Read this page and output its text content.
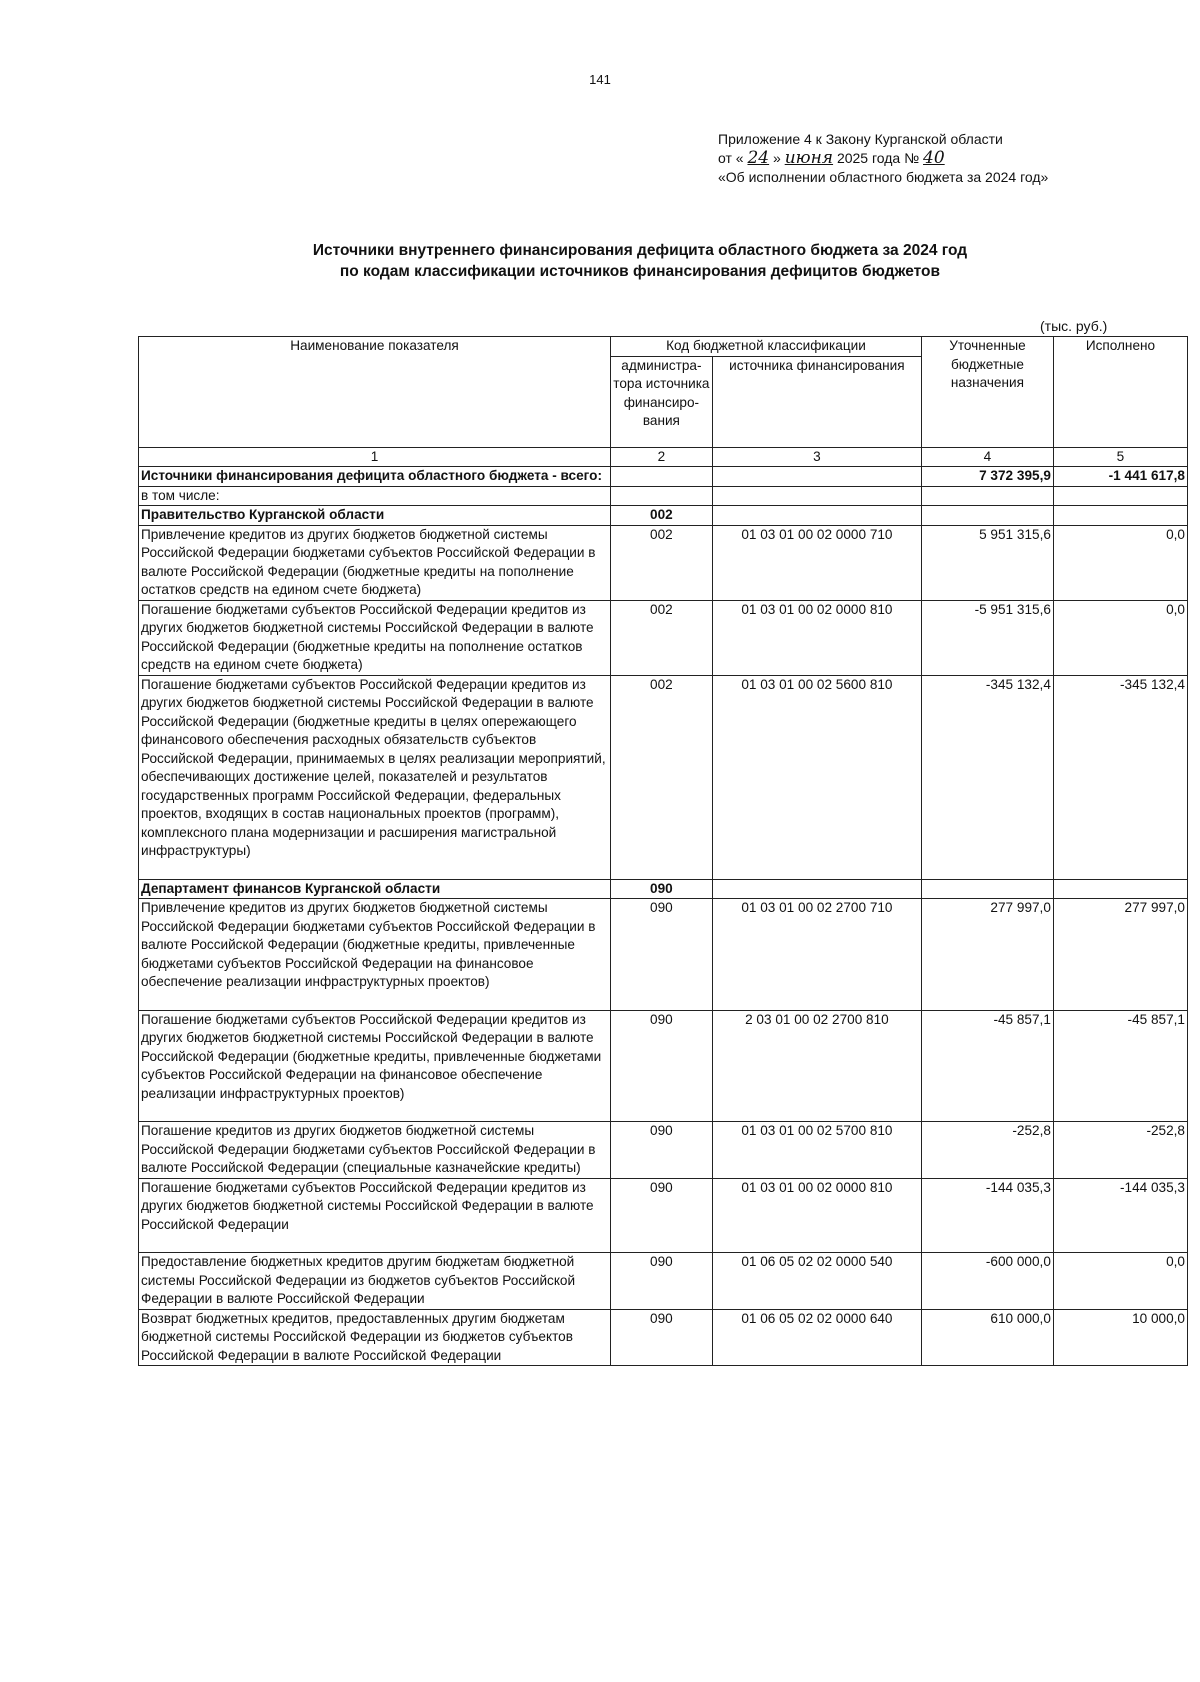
141
Приложение 4 к Закону Курганской области
от « 24 » июня 2025 года № 40
«Об исполнении областного бюджета за 2024 год»
Источники внутреннего финансирования дефицита областного бюджета за 2024 год
по кодам классификации источников финансирования дефицитов бюджетов
(тыс. руб.)
Наименование показателя	Код бюджетной классификации		Уточненные бюджетные назначения	Исполнено
	администра-тора источника финансиро-вания	источника финансирования		
1	2	3	4	5
Источники финансирования дефицита областного бюджета - всего:			7 372 395,9	-1 441 617,8
в том числе:				
Правительство Курганской области	002			
Привлечение кредитов из других бюджетов бюджетной системы Российской Федерации бюджетами субъектов Российской Федерации в валюте Российской Федерации (бюджетные кредиты на пополнение остатков средств на едином счете бюджета)	002	01 03 01 00 02 0000 710	5 951 315,6	0,0
Погашение бюджетами субъектов Российской Федерации кредитов из других бюджетов бюджетной системы Российской Федерации в валюте Российской Федерации (бюджетные кредиты на пополнение остатков средств на едином счете бюджета)	002	01 03 01 00 02 0000 810	-5 951 315,6	0,0
Погашение бюджетами субъектов Российской Федерации кредитов из других бюджетов бюджетной системы Российской Федерации в валюте Российской Федерации (бюджетные кредиты в целях опережающего финансового обеспечения расходных обязательств субъектов Российской Федерации, принимаемых в целях реализации мероприятий, обеспечивающих достижение целей, показателей и результатов государственных программ Российской Федерации, федеральных проектов, входящих в состав национальных проектов (программ), комплексного плана модернизации и расширения магистральной инфраструктуры)	002	01 03 01 00 02 5600 810	-345 132,4	-345 132,4
Департамент финансов Курганской области	090			
Привлечение кредитов из других бюджетов бюджетной системы Российской Федерации бюджетами субъектов Российской Федерации в валюте Российской Федерации (бюджетные кредиты, привлеченные бюджетами субъектов Российской Федерации на финансовое обеспечение реализации инфраструктурных проектов)	090	01 03 01 00 02 2700 710	277 997,0	277 997,0
Погашение бюджетами субъектов Российской Федерации кредитов из других бюджетов бюджетной системы Российской Федерации в валюте Российской Федерации (бюджетные кредиты, привлеченные бюджетами субъектов Российской Федерации на финансовое обеспечение реализации инфраструктурных проектов)	090	2 03 01 00 02 2700 810	-45 857,1	-45 857,1
Погашение кредитов из других бюджетов бюджетной системы Российской Федерации бюджетами субъектов Российской Федерации в валюте Российской Федерации (специальные казначейские кредиты)	090	01 03 01 00 02 5700 810	-252,8	-252,8
Погашение бюджетами субъектов Российской Федерации кредитов из других бюджетов бюджетной системы Российской Федерации в валюте Российской Федерации	090	01 03 01 00 02 0000 810	-144 035,3	-144 035,3
Предоставление бюджетных кредитов другим бюджетам бюджетной системы Российской Федерации из бюджетов субъектов Российской Федерации в валюте Российской Федерации	090	01 06 05 02 02 0000 540	-600 000,0	0,0
Возврат бюджетных кредитов, предоставленных другим бюджетам бюджетной системы Российской Федерации из бюджетов субъектов Российской Федерации в валюте Российской Федерации	090	01 06 05 02 02 0000 640	610 000,0	10 000,0
